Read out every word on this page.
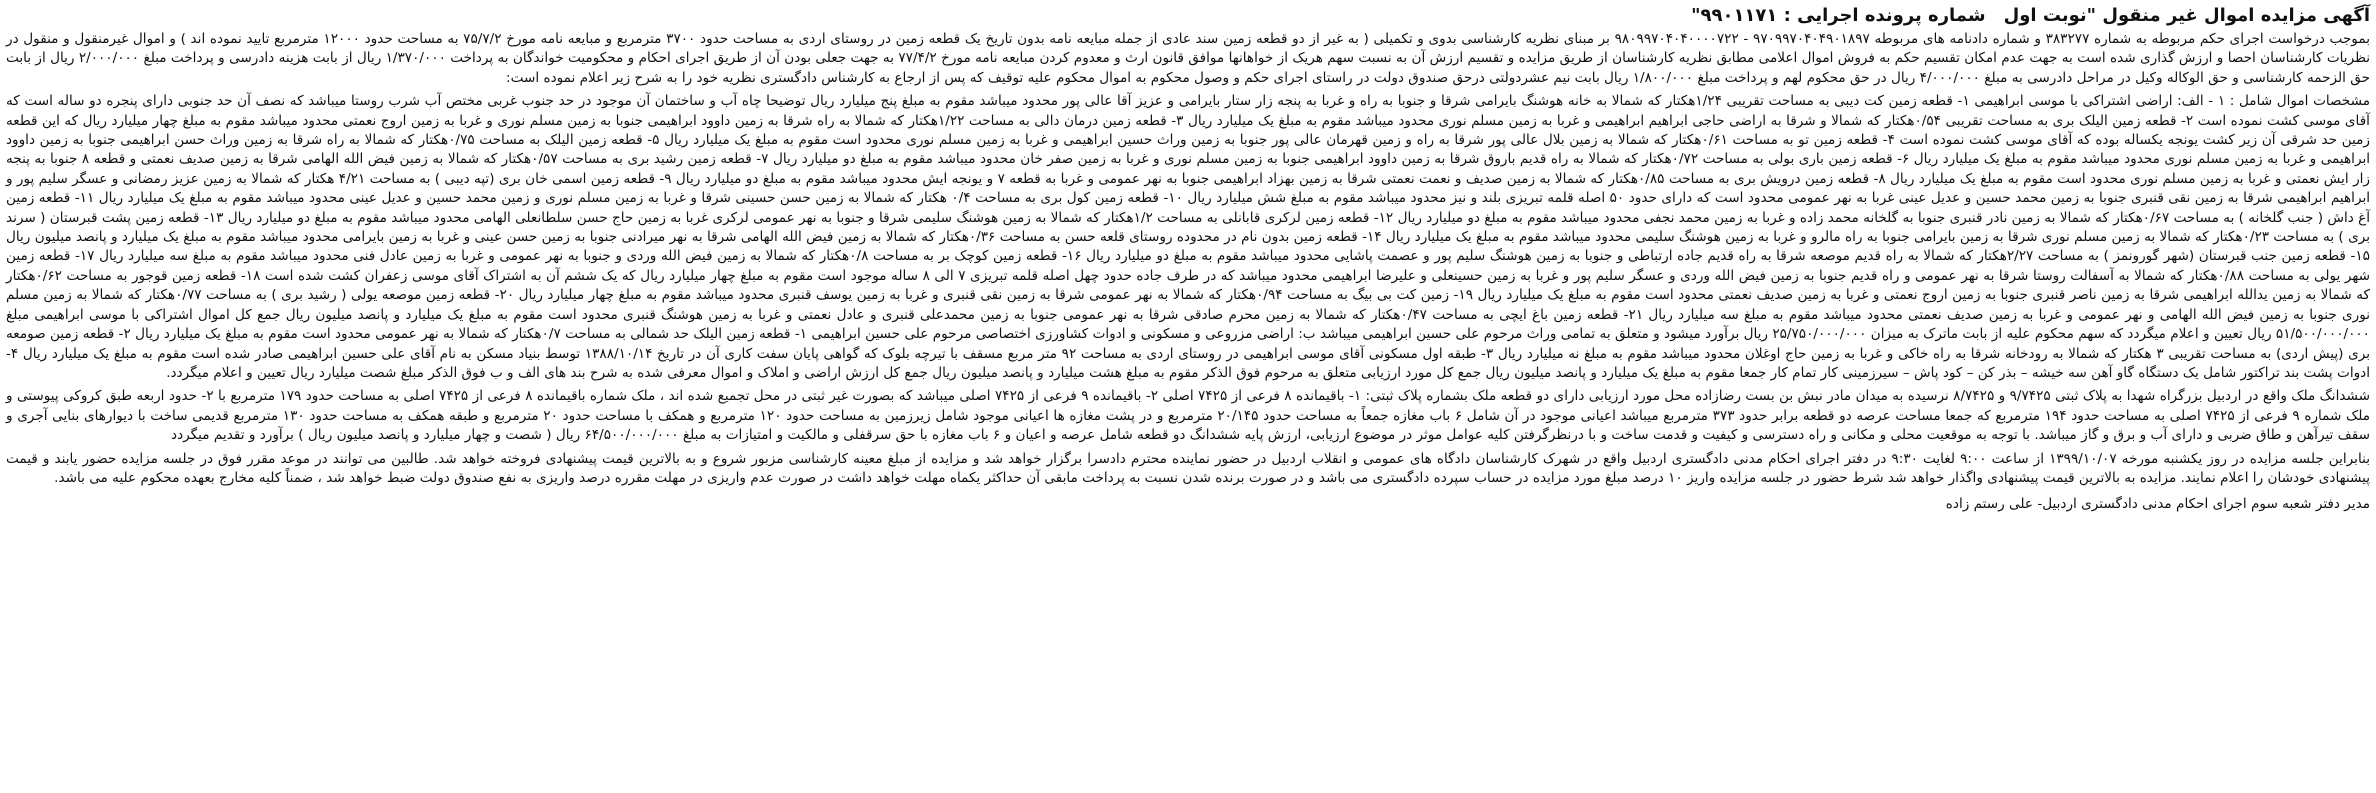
آگهی مزایده اموال غیر منقول "نوبت اولشماره پرونده اجرایی : ۹۹۰۱۱۷۱"

بموجب درخواست اجرای حکم مربوطه به شماره ۳۸۳۲۷۷ و شماره دادنامه های مربوطه ۹۷۰۹۹۷۰۴۰۴۹۰۱۸۹۷ - ۹۸۰۹۹۷۰۴۰۴۰۰۰۰۷۲۲ بر مبنای نظریه کارشناسی بدوی و تکمیلی ( به غیر از دو قطعه زمین سند عادی از جمله مبایعه نامه بدون تاریخ یک قطعه زمین در روستای اردی به مساحت حدود ۳۷۰۰ مترمربع و مبایعه نامه مورخ ۷۵/۷/۲ به مساحت حدود ۱۲۰۰۰ مترمربع تایید نموده اند ) و اموال غیرمنقول و منقول در نظریات کارشناسان احصا و ارزش گذاری شده است به جهت عدم امکان تقسیم حکم به فروش اموال اعلامی مطابق نظریه کارشناسان از طریق مزایده و تقسیم ارزش آن به نسبت سهم هریک از خواهانها موافق قانون ارث و معدوم کردن مبایعه نامه مورخ ۷۷/۴/۲ به جهت جعلی بودن آن از طریق اجرای احکام و محکومیت خواندگان به پرداخت ۱/۳۷۰/۰۰۰ ریال از بابت هزینه دادرسی و پرداخت مبلغ ۲/۰۰۰/۰۰۰ ریال از بابت حق الزحمه کارشناسی و حق الوکاله وکیل در مراحل دادرسی به مبلغ ۴/۰۰۰/۰۰۰ ریال در حق محکوم لهم و پرداخت مبلغ ۱/۸۰۰/۰۰۰ ریال بابت نیم عشردولتی درحق صندوق دولت در راستای اجرای حکم و وصول محکوم به اموال محکوم علیه توقیف که پس از ارجاع به کارشناس دادگستری نظریه خود را به شرح زیر اعلام نموده است:

مشخصات اموال شامل : ۱ - الف: اراضی اشتراکی با موسی ابراهیمی ۱- قطعه زمین کت دیبی به مساحت تقریبی ۱/۲۴هکتار که شمالا به خانه هوشنگ بایرامی شرقا و جنوبا به راه و غربا به پنجه زار ستار بایرامی و عزیز آقا عالی پور محدود میباشد مقوم به مبلغ پنج میلیارد ریال توضیحا چاه آب و ساختمان آن موجود در حد جنوب غربی مختص آب شرب روستا میباشد که نصف آن حد جنوبی دارای پنجره دو ساله است که آقای موسی کشت نموده است ۲- قطعه زمین الیلک بری به مساحت تقریبی ۰/۵۴هکتار که شمالا و شرقا به اراضی حاجی ابراهیم ابراهیمی و غربا به زمین مسلم نوری محدود میباشد مقوم به مبلغ یک میلیارد ریال ۳- قطعه زمین درمان دالی به مساحت ۱/۲۲هکتار که شمالا به راه شرقا به زمین داوود ابراهیمی جنوبا به زمین مسلم نوری و غربا به زمین اروج نعمتی محدود میباشد مقوم به مبلغ چهار میلیارد ریال که این قطعه زمین حد شرقی آن زیر کشت یونجه یکساله بوده که آقای موسی کشت نموده است ۴- قطعه زمین تو به مساحت ۰/۶۱هکتار که شمالا به زمین بلال عالی پور شرقا به راه و زمین قهرمان عالی پور جنوبا به زمین وراث حسین ابراهیمی و غربا به زمین مسلم نوری محدود است مقوم به مبلغ یک میلیارد ریال ۵- قطعه زمین الیلک به مساحت ۰/۷۵هکتار که شمالا به راه شرقا به زمین وراث حسن ابراهیمی جنوبا به زمین داوود ابراهیمی و غربا به زمین مسلم نوری محدود میباشد مقوم به مبلغ یک میلیارد ریال ۶- قطعه زمین باری بولی به مساحت ۰/۷۲هکتار که شمالا به راه قدیم باروق شرقا به زمین داوود ابراهیمی جنوبا به زمین مسلم نوری و غربا به زمین صفر خان محدود میباشد مقوم به مبلغ دو میلیارد ریال ۷- قطعه زمین رشید بری به مساحت ۰/۵۷هکتار که شمالا به زمین فیض الله الهامی شرقا به زمین صدیف نعمتی و قطعه ۸ جنوبا به پنجه زار ایش نعمتی و غربا به زمین مسلم نوری محدود است مقوم به مبلغ یک میلیارد ریال ۸- قطعه زمین درویش بری به مساحت ۰/۸۵هکتار که شمالا به زمین صدیف و نعمت نعمتی شرقا به زمین بهزاد ابراهیمی جنوبا به نهر عمومی و غربا به قطعه ۷ و یونجه ایش محدود میباشد مقوم به مبلغ دو میلیارد ریال ۹- قطعه زمین اسمی خان بری (تپه دیبی ) به مساحت ۴/۲۱ هکتار که شمالا به زمین عزیز رمضانی و عسگر سلیم پور و ابراهیم ابراهیمی شرقا به زمین نقی قنبری جنوبا به زمین محمد حسین و عدیل عینی غربا به نهر عمومی محدود است که دارای حدود ۵۰ اصله قلمه تبریزی بلند و نیز محدود میباشد مقوم به مبلغ شش میلیارد ریال ۱۰- قطعه زمین کول بری به مساحت ۰/۴ هکتار که شمالا به زمین حسن حسینی شرقا و غربا به زمین مسلم نوری و زمین محمد حسین و عدیل عینی محدود میباشد مقوم به مبلغ یک میلیارد ریال ۱۱- قطعه زمین آغ داش ( جنب گلخانه ) به مساحت ۰/۶۷هکتار که شمالا به زمین نادر قنبری جنوبا به گلخانه محمد زاده و غربا به زمین محمد نجفی محدود میباشد مقوم به مبلغ دو میلیارد ریال ۱۲- قطعه زمین لرکری قابانلی به مساحت ۱/۲هکتار که شمالا به زمین هوشنگ سلیمی شرقا و جنوبا به نهر عمومی لرکری غربا به زمین حاج حسن سلطانعلی الهامی محدود میباشد مقوم به مبلغ دو میلیارد ریال ۱۳- قطعه زمین پشت قبرستان ( سرند بری ) به مساحت ۰/۲۳هکتار که شمالا به زمین مسلم نوری شرقا به زمین بایرامی جنوبا به راه مالرو و غربا به زمین هوشنگ سلیمی محدود میباشد مقوم به مبلغ یک میلیارد ریال ۱۴- قطعه زمین بدون نام در محدوده روستای قلعه حسن به مساحت ۰/۳۶هکتار که شمالا به زمین فیض الله الهامی شرقا به نهر میرادنی جنوبا به زمین حسن عینی و غربا به زمین بایرامی محدود میباشد مقوم به مبلغ یک میلیارد و پانصد میلیون ریال ۱۵- قطعه زمین جنب قبرستان (شهر گورونمز ) به مساحت ۲/۲۷هکتار که شمالا به راه قدیم موصعه شرقا به راه قدیم جاده ارتباطی و جنوبا به زمین هوشنگ سلیم پور و عصمت پاشایی محدود میباشد مقوم به مبلغ دو میلیارد ریال ۱۶- قطعه زمین کوچک بر به مساحت ۰/۸هکتار که شمالا به زمین فیض الله وردی و جنوبا به نهر عمومی و غربا به زمین عادل فنی محدود میباشد مقوم به مبلغ سه میلیارد ریال ۱۷- قطعه زمین شهر یولی به مساحت ۰/۸۸هکتار که شمالا به آسفالت روستا شرقا به نهر عمومی و راه قدیم جنوبا به زمین فیض الله وردی و عسگر سلیم پور و غربا به زمین حسینعلی و علیرضا ابراهیمی محدود میباشد که در طرف جاده حدود چهل اصله قلمه تبریزی ۷ الی ۸ ساله موجود است مقوم به مبلغ چهار میلیارد ریال که یک ششم آن به اشتراک آقای موسی زعفران کشت شده است ۱۸- قطعه زمین قوجور به مساحت ۰/۶۲هکتار که شمالا به زمین یدالله ابراهیمی شرقا به زمین ناصر قنبری جنوبا به زمین اروج نعمتی و غربا به زمین صدیف نعمتی محدود است مقوم به مبلغ یک میلیارد ریال ۱۹- زمین کت بی بیگ به مساحت ۰/۹۴هکتار که شمالا به نهر عمومی شرقا به زمین نقی قنبری و غربا به زمین یوسف قنبری محدود میباشد مقوم به مبلغ چهار میلیارد ریال ۲۰- قطعه زمین موصعه یولی ( رشید بری ) به مساحت ۰/۷۷هکتار که شمالا به زمین مسلم نوری جنوبا به زمین فیض الله الهامی و نهر عمومی و غربا به زمین صدیف نعمتی محدود میباشد مقوم به مبلغ سه میلیارد ریال ۲۱- قطعه زمین باغ ایچی به مساحت ۰/۴۷هکتار که شمالا به زمین محرم صادقی شرقا به نهر عمومی جنوبا به زمین محمدعلی قنبری و عادل نعمتی و غربا به زمین هوشنگ قنبری محدود است مقوم به مبلغ یک میلیارد و پانصد میلیون ریال جمع کل اموال اشتراکی با موسی ابراهیمی مبلغ ۵۱/۵۰۰/۰۰۰/۰۰۰ ریال تعیین و اعلام میگردد که سهم محکوم علیه از بابت ماترک به میزان ۲۵/۷۵۰/۰۰۰/۰۰۰ ریال برآورد میشود و متعلق به تمامی وراث مرحوم علی حسین ابراهیمی میباشد ب: اراضی مزروعی و مسکونی و ادوات کشاورزی اختصاصی مرحوم علی حسین ابراهیمی ۱- قطعه زمین الیلک حد شمالی به مساحت ۰/۷هکتار که شمالا به نهر عمومی محدود است مقوم به مبلغ یک میلیارد ریال ۲- قطعه زمین صومعه بری (پیش اردی) به مساحت تقریبی ۳ هکتار که شمالا به رودخانه شرقا به راه خاکی و غربا به زمین حاج اوغلان محدود میباشد مقوم به مبلغ نه میلیارد ریال ۳- طبقه اول مسکونی آقای موسی ابراهیمی در روستای اردی به مساحت ۹۲ متر مربع مسقف با تیرچه بلوک که گواهی پایان سفت کاری آن در تاریخ ۱۳۸۸/۱۰/۱۴ توسط بنیاد مسکن به نام آقای علی حسین ابراهیمی صادر شده است مقوم به مبلغ یک میلیارد ریال ۴- ادوات پشت بند تراکتور شامل یک دستگاه گاو آهن سه خیشه – بذر کن – کود پاش – سیرزمینی کار تمام کار جمعا مقوم به مبلغ یک میلیارد و پانصد میلیون ریال جمع کل مورد ارزیابی متعلق به مرحوم فوق الذکر مقوم به مبلغ هشت میلیارد و پانصد میلیون ریال جمع کل ارزش اراضی و املاک و اموال معرفی شده به شرح بند های الف و ب فوق الذکر مبلغ شصت میلیارد ریال تعیین و اعلام میگردد.

ششدانگ ملک واقع در اردبیل بزرگراه شهدا به پلاک ثبتی ۹/۷۴۲۵ و ۸/۷۴۲۵ نرسیده به میدان مادر نبش بن بست رضازاده محل مورد ارزیابی دارای دو قطعه ملک بشماره پلاک ثبتی: ۱- باقیمانده ۸ فرعی از ۷۴۲۵ اصلی ۲- باقیمانده ۹ فرعی از ۷۴۲۵ اصلی میباشد که بصورت غیر ثبتی در محل تجمیع شده اند ، ملک شماره باقیمانده ۸ فرعی از ۷۴۲۵ اصلی به مساحت حدود ۱۷۹ مترمربع با ۲- حدود اربعه طبق کروکی پیوستی و ملک شماره ۹ فرعی از ۷۴۲۵ اصلی به مساحت حدود ۱۹۴ مترمربع که جمعا مساحت عرصه دو قطعه برابر حدود ۳۷۳ مترمربع میباشد اعیانی موجود در آن شامل ۶ باب مغازه جمعاً به مساحت حدود ۲۰/۱۴۵ مترمربع و در پشت مغازه ها اعیانی موجود شامل زیرزمین به مساحت حدود ۱۲۰ مترمربع و همکف با مساحت حدود ۲۰ مترمربع و طبقه همکف به مساحت حدود ۱۳۰ مترمربع قدیمی ساخت با دیوارهای بنایی آجری و سقف تیرآهن و طاق ضربی و دارای آب و برق و گاز میباشد. با توجه به موقعیت محلی و مکانی و راه دسترسی و کیفیت و قدمت ساخت و با درنظرگرفتن کلیه عوامل موثر در موضوع ارزیابی، ارزش پایه ششدانگ دو قطعه شامل عرصه و اعیان و ۶ باب مغازه با حق سرقفلی و مالکیت و امتیازات به مبلغ ۶۴/۵۰۰/۰۰۰/۰۰۰ ریال ( شصت و چهار میلیارد و پانصد میلیون ریال ) برآورد و تقدیم میگردد

بنابراین جلسه مزایده در روز یکشنبه مورخه ۱۳۹۹/۱۰/۰۷ از ساعت ۹:۰۰ لغایت ۹:۳۰ در دفتر اجرای احکام مدنی دادگستری اردبیل واقع در شهرک کارشناسان دادگاه های عمومی و انقلاب اردبیل در حضور نماینده محترم دادسرا برگزار خواهد شد و مزایده از مبلغ معینه کارشناسی مزبور شروع و به بالاترین قیمت پیشنهادی فروخته خواهد شد. طالبین می توانند در موعد مقرر فوق در جلسه مزایده حضور یابند و قیمت پیشنهادی خودشان را اعلام نمایند. مزایده به بالاترین قیمت پیشنهادی واگذار خواهد شد شرط حضور در جلسه مزایده واریز ۱۰ درصد مبلغ مورد مزایده در حساب سپرده دادگستری می باشد و در صورت برنده شدن نسبت به پرداخت مابقی آن حداکثر یکماه مهلت خواهد داشت در صورت عدم واریزی در مهلت مقرره درصد واریزی به نفع صندوق دولت ضبط خواهد شد ، ضمناً کلیه مخارج بعهده محکوم علیه می باشد.

مدیر دفتر شعبه سوم اجرای احکام مدنی دادگستری اردبیل- علی رستم زاده
